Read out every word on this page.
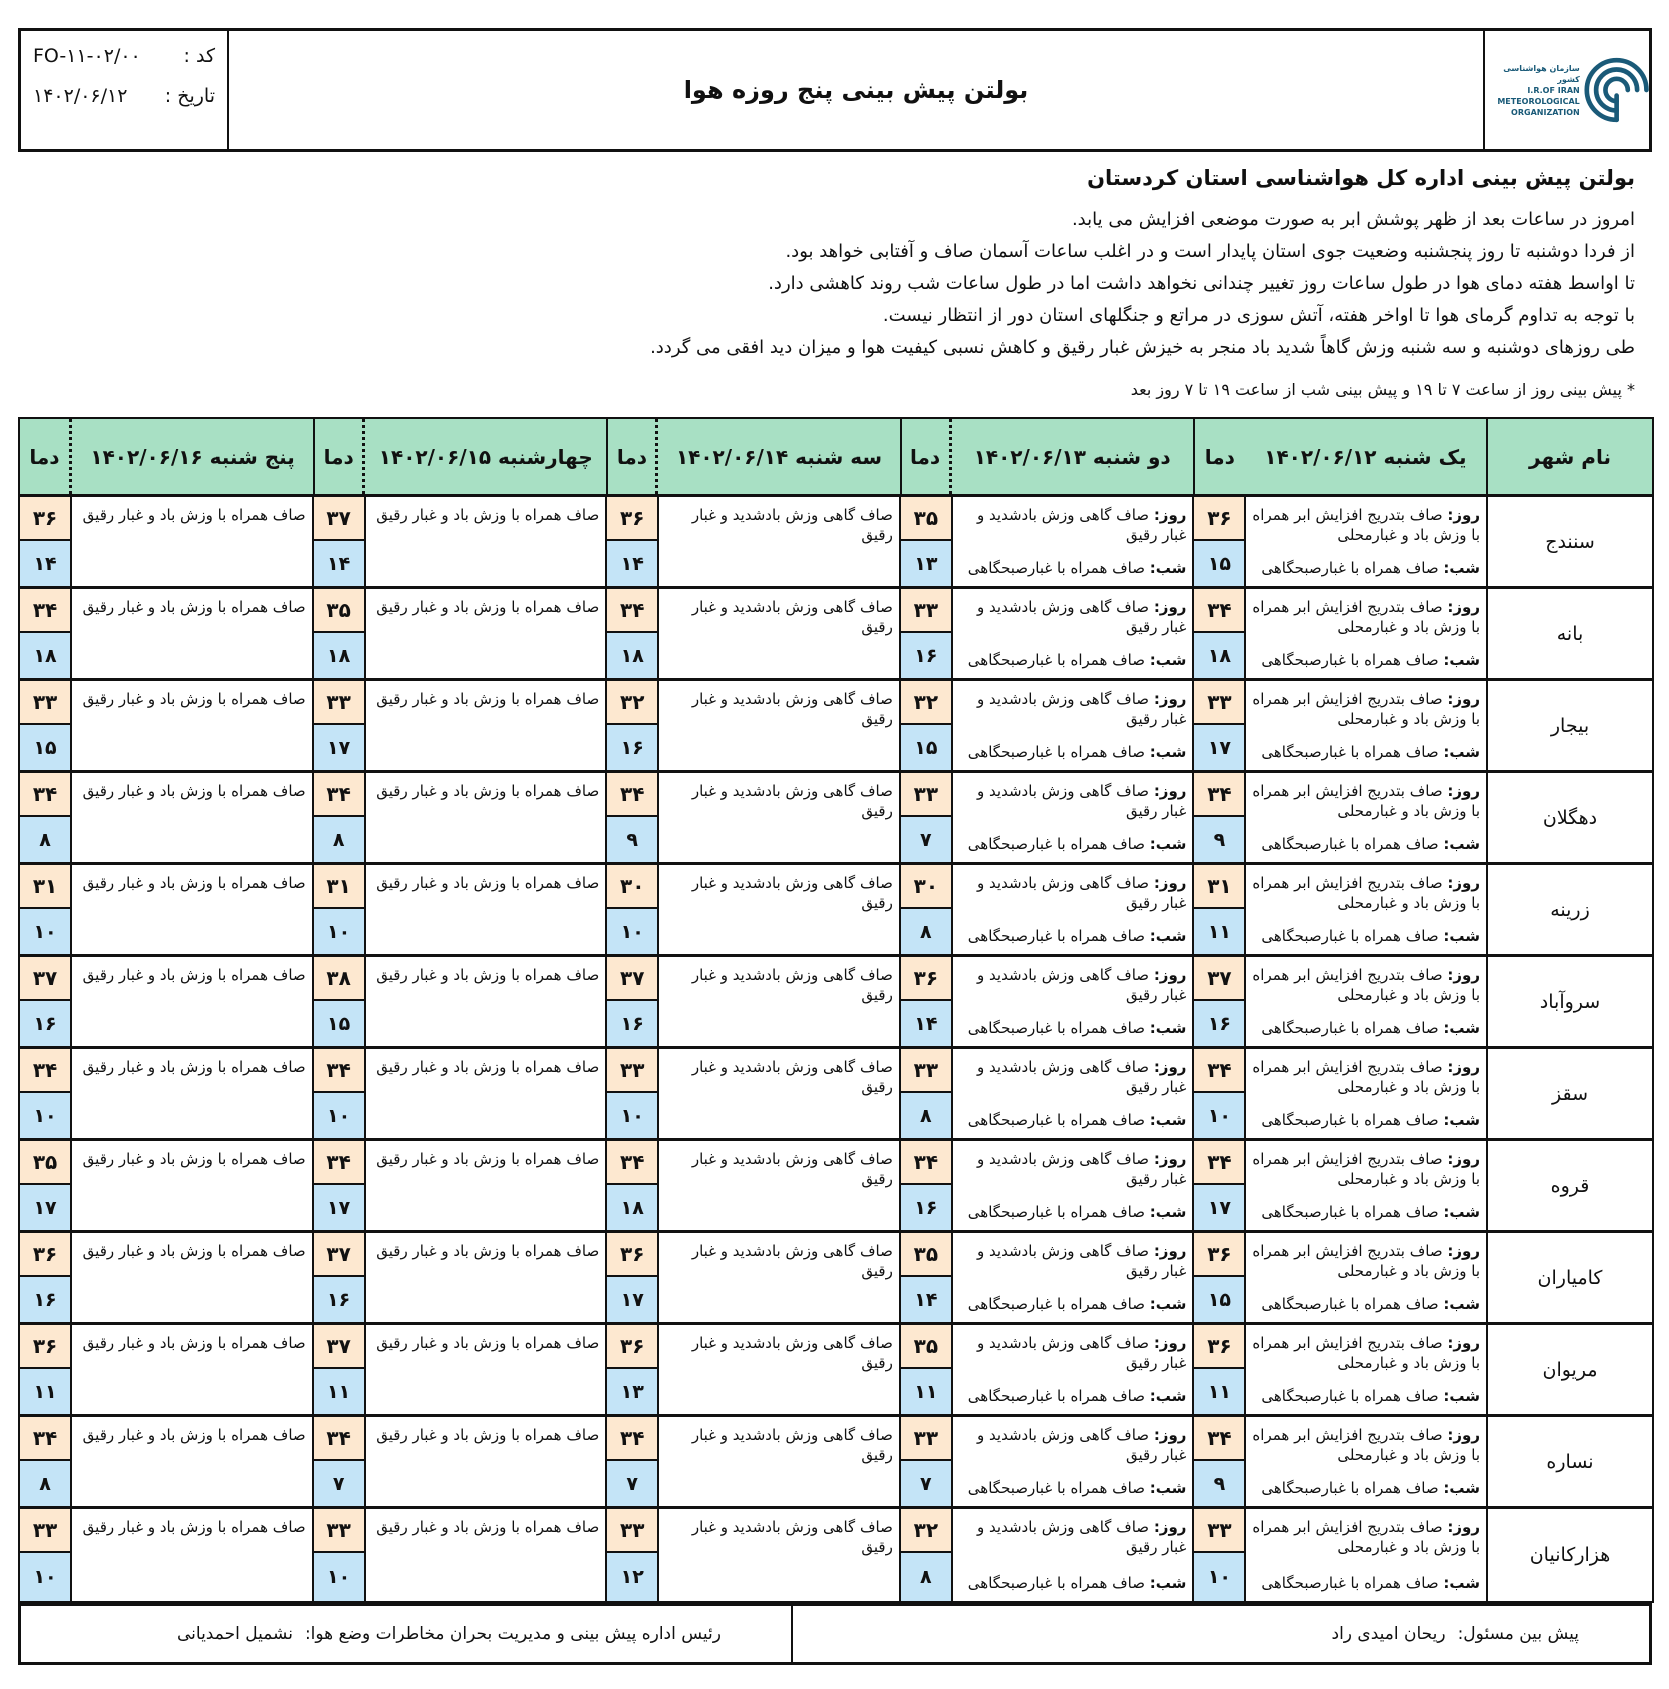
FO-۱۱-۰۲/۰۰ کد :
۱۴۰۲/۰۶/۱۲ تاریخ :	بولتن پیش بینی پنج روزه هوا
سازمان هواشناسی کشور
I.R.OF IRAN
METEOROLOGICAL
ORGANIZATION
بولتن پیش بینی اداره کل هواشناسی استان کردستان
امروز در ساعات بعد از ظهر پوشش ابر به صورت موضعی افزایش می یابد.
از فردا دوشنبه تا روز پنجشنبه وضعیت جوی استان پایدار است و در اغلب ساعات آسمان صاف و آفتابی خواهد بود.
تا اواسط هفته دمای هوا در طول ساعات روز تغییر چندانی نخواهد داشت اما در طول ساعات شب روند کاهشی دارد.
با توجه به تداوم گرمای هوا تا اواخر هفته، آتش سوزی در مراتع و جنگلهای استان دور از انتظار نیست.
طی روزهای دوشنبه و سه شنبه وزش گاهاً شدید باد منجر به خیزش غبار رقیق و کاهش نسبی کیفیت هوا و میزان دید افقی می گردد.
* پیش بینی روز از ساعت ۷ تا ۱۹ و پیش بینی شب از ساعت ۱۹ تا ۷ روز بعد
نام شهر
یک شنبه ۱۴۰۲/۰۶/۱۲
دما
دو شنبه ۱۴۰۲/۰۶/۱۳
دما
سه شنبه ۱۴۰۲/۰۶/۱۴
دما
چهارشنبه ۱۴۰۲/۰۶/۱۵
دما
پنج شنبه ۱۴۰۲/۰۶/۱۶
دما
سنندج
روز: صاف بتدریج افزایش ابر همراه با وزش باد و غبارمحلی
شب: صاف همراه با غبارصبحگاهی
۳۶
۱۵
روز: صاف گاهی وزش بادشدید و غبار رقیق
شب: صاف همراه با غبارصبحگاهی
۳۵
۱۳
صاف گاهی وزش بادشدید و غبار رقیق
۳۶
۱۴
صاف همراه با وزش باد و غبار رقیق
۳۷
۱۴
صاف همراه با وزش باد و غبار رقیق
۳۶
۱۴
بانه
روز: صاف بتدریج افزایش ابر همراه با وزش باد و غبارمحلی
شب: صاف همراه با غبارصبحگاهی
۳۴
۱۸
روز: صاف گاهی وزش بادشدید و غبار رقیق
شب: صاف همراه با غبارصبحگاهی
۳۳
۱۶
صاف گاهی وزش بادشدید و غبار رقیق
۳۴
۱۸
صاف همراه با وزش باد و غبار رقیق
۳۵
۱۸
صاف همراه با وزش باد و غبار رقیق
۳۴
۱۸
بیجار
روز: صاف بتدریج افزایش ابر همراه با وزش باد و غبارمحلی
شب: صاف همراه با غبارصبحگاهی
۳۳
۱۷
روز: صاف گاهی وزش بادشدید و غبار رقیق
شب: صاف همراه با غبارصبحگاهی
۳۲
۱۵
صاف گاهی وزش بادشدید و غبار رقیق
۳۲
۱۶
صاف همراه با وزش باد و غبار رقیق
۳۳
۱۷
صاف همراه با وزش باد و غبار رقیق
۳۳
۱۵
دهگلان
روز: صاف بتدریج افزایش ابر همراه با وزش باد و غبارمحلی
شب: صاف همراه با غبارصبحگاهی
۳۴
۹
روز: صاف گاهی وزش بادشدید و غبار رقیق
شب: صاف همراه با غبارصبحگاهی
۳۳
۷
صاف گاهی وزش بادشدید و غبار رقیق
۳۴
۹
صاف همراه با وزش باد و غبار رقیق
۳۴
۸
صاف همراه با وزش باد و غبار رقیق
۳۴
۸
زرینه
روز: صاف بتدریج افزایش ابر همراه با وزش باد و غبارمحلی
شب: صاف همراه با غبارصبحگاهی
۳۱
۱۱
روز: صاف گاهی وزش بادشدید و غبار رقیق
شب: صاف همراه با غبارصبحگاهی
۳۰
۸
صاف گاهی وزش بادشدید و غبار رقیق
۳۰
۱۰
صاف همراه با وزش باد و غبار رقیق
۳۱
۱۰
صاف همراه با وزش باد و غبار رقیق
۳۱
۱۰
سروآباد
روز: صاف بتدریج افزایش ابر همراه با وزش باد و غبارمحلی
شب: صاف همراه با غبارصبحگاهی
۳۷
۱۶
روز: صاف گاهی وزش بادشدید و غبار رقیق
شب: صاف همراه با غبارصبحگاهی
۳۶
۱۴
صاف گاهی وزش بادشدید و غبار رقیق
۳۷
۱۶
صاف همراه با وزش باد و غبار رقیق
۳۸
۱۵
صاف همراه با وزش باد و غبار رقیق
۳۷
۱۶
سقز
روز: صاف بتدریج افزایش ابر همراه با وزش باد و غبارمحلی
شب: صاف همراه با غبارصبحگاهی
۳۴
۱۰
روز: صاف گاهی وزش بادشدید و غبار رقیق
شب: صاف همراه با غبارصبحگاهی
۳۳
۸
صاف گاهی وزش بادشدید و غبار رقیق
۳۳
۱۰
صاف همراه با وزش باد و غبار رقیق
۳۴
۱۰
صاف همراه با وزش باد و غبار رقیق
۳۴
۱۰
قروه
روز: صاف بتدریج افزایش ابر همراه با وزش باد و غبارمحلی
شب: صاف همراه با غبارصبحگاهی
۳۴
۱۷
روز: صاف گاهی وزش بادشدید و غبار رقیق
شب: صاف همراه با غبارصبحگاهی
۳۴
۱۶
صاف گاهی وزش بادشدید و غبار رقیق
۳۴
۱۸
صاف همراه با وزش باد و غبار رقیق
۳۴
۱۷
صاف همراه با وزش باد و غبار رقیق
۳۵
۱۷
کامیاران
روز: صاف بتدریج افزایش ابر همراه با وزش باد و غبارمحلی
شب: صاف همراه با غبارصبحگاهی
۳۶
۱۵
روز: صاف گاهی وزش بادشدید و غبار رقیق
شب: صاف همراه با غبارصبحگاهی
۳۵
۱۴
صاف گاهی وزش بادشدید و غبار رقیق
۳۶
۱۷
صاف همراه با وزش باد و غبار رقیق
۳۷
۱۶
صاف همراه با وزش باد و غبار رقیق
۳۶
۱۶
مریوان
روز: صاف بتدریج افزایش ابر همراه با وزش باد و غبارمحلی
شب: صاف همراه با غبارصبحگاهی
۳۶
۱۱
روز: صاف گاهی وزش بادشدید و غبار رقیق
شب: صاف همراه با غبارصبحگاهی
۳۵
۱۱
صاف گاهی وزش بادشدید و غبار رقیق
۳۶
۱۳
صاف همراه با وزش باد و غبار رقیق
۳۷
۱۱
صاف همراه با وزش باد و غبار رقیق
۳۶
۱۱
نساره
روز: صاف بتدریج افزایش ابر همراه با وزش باد و غبارمحلی
شب: صاف همراه با غبارصبحگاهی
۳۴
۹
روز: صاف گاهی وزش بادشدید و غبار رقیق
شب: صاف همراه با غبارصبحگاهی
۳۳
۷
صاف گاهی وزش بادشدید و غبار رقیق
۳۴
۷
صاف همراه با وزش باد و غبار رقیق
۳۴
۷
صاف همراه با وزش باد و غبار رقیق
۳۴
۸
هزارکانیان
روز: صاف بتدریج افزایش ابر همراه با وزش باد و غبارمحلی
شب: صاف همراه با غبارصبحگاهی
۳۳
۱۰
روز: صاف گاهی وزش بادشدید و غبار رقیق
شب: صاف همراه با غبارصبحگاهی
۳۲
۸
صاف گاهی وزش بادشدید و غبار رقیق
۳۳
۱۲
صاف همراه با وزش باد و غبار رقیق
۳۳
۱۰
صاف همراه با وزش باد و غبار رقیق
۳۳
۱۰
پیش بین مسئول:
ریحان امیدی راد
رئیس اداره پیش بینی و مدیریت بحران مخاطرات وضع هوا:
نشمیل احمدیانی
